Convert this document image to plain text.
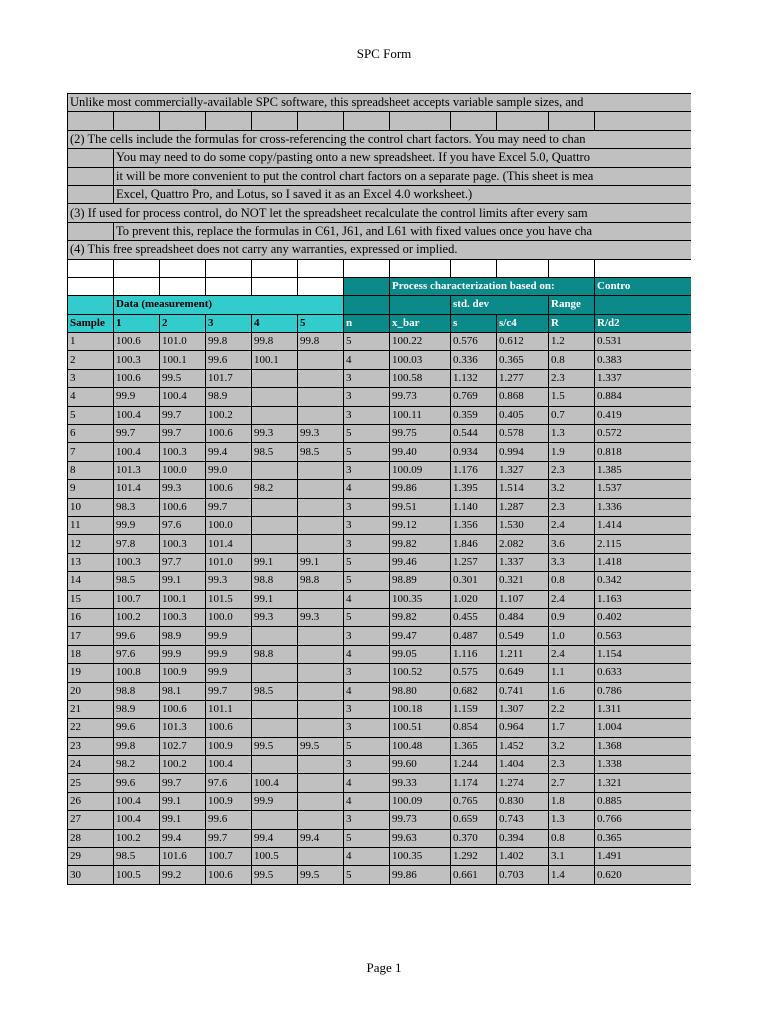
SPC Form
Unlike most commercially-available SPC software, this spreadsheet accepts variable sample sizes, and												

(2) The cells include the formulas for cross-referencing the control chart factors. You may need to chan												
	You may need to do some copy/pasting onto a new spreadsheet. If you have Excel 5.0, Quattro											
	it will be more convenient to put the control chart factors on a separate page. (This sheet is mea											
	Excel, Quattro Pro, and Lotus, so I saved it as an Excel 4.0 worksheet.)											
(3) If used for process control, do NOT let the spreadsheet recalculate the control limits after every sam												
	To prevent this, replace the formulas in C61, J61, and L61 with fixed values once you have cha											
(4) This free spreadsheet does not carry any warranties, expressed or implied.												

							Process characterization based on:				Contro	
	Data (measurement)							std. dev		Range		
Sample	1	2	3	4	5	n	x_bar	s	s/c4	R	R/d2	
1	100.6	101.0	99.8	99.8	99.8	5	100.22	0.576	0.612	1.2	0.531	
2	100.3	100.1	99.6	100.1		4	100.03	0.336	0.365	0.8	0.383	
3	100.6	99.5	101.7			3	100.58	1.132	1.277	2.3	1.337	
4	99.9	100.4	98.9			3	99.73	0.769	0.868	1.5	0.884	
5	100.4	99.7	100.2			3	100.11	0.359	0.405	0.7	0.419	
6	99.7	99.7	100.6	99.3	99.3	5	99.75	0.544	0.578	1.3	0.572	
7	100.4	100.3	99.4	98.5	98.5	5	99.40	0.934	0.994	1.9	0.818	
8	101.3	100.0	99.0			3	100.09	1.176	1.327	2.3	1.385	
9	101.4	99.3	100.6	98.2		4	99.86	1.395	1.514	3.2	1.537	
10	98.3	100.6	99.7			3	99.51	1.140	1.287	2.3	1.336	
11	99.9	97.6	100.0			3	99.12	1.356	1.530	2.4	1.414	
12	97.8	100.3	101.4			3	99.82	1.846	2.082	3.6	2.115	
13	100.3	97.7	101.0	99.1	99.1	5	99.46	1.257	1.337	3.3	1.418	
14	98.5	99.1	99.3	98.8	98.8	5	98.89	0.301	0.321	0.8	0.342	
15	100.7	100.1	101.5	99.1		4	100.35	1.020	1.107	2.4	1.163	
16	100.2	100.3	100.0	99.3	99.3	5	99.82	0.455	0.484	0.9	0.402	
17	99.6	98.9	99.9			3	99.47	0.487	0.549	1.0	0.563	
18	97.6	99.9	99.9	98.8		4	99.05	1.116	1.211	2.4	1.154	
19	100.8	100.9	99.9			3	100.52	0.575	0.649	1.1	0.633	
20	98.8	98.1	99.7	98.5		4	98.80	0.682	0.741	1.6	0.786	
21	98.9	100.6	101.1			3	100.18	1.159	1.307	2.2	1.311	
22	99.6	101.3	100.6			3	100.51	0.854	0.964	1.7	1.004	
23	99.8	102.7	100.9	99.5	99.5	5	100.48	1.365	1.452	3.2	1.368	
24	98.2	100.2	100.4			3	99.60	1.244	1.404	2.3	1.338	
25	99.6	99.7	97.6	100.4		4	99.33	1.174	1.274	2.7	1.321	
26	100.4	99.1	100.9	99.9		4	100.09	0.765	0.830	1.8	0.885	
27	100.4	99.1	99.6			3	99.73	0.659	0.743	1.3	0.766	
28	100.2	99.4	99.7	99.4	99.4	5	99.63	0.370	0.394	0.8	0.365	
29	98.5	101.6	100.7	100.5		4	100.35	1.292	1.402	3.1	1.491	
30	100.5	99.2	100.6	99.5	99.5	5	99.86	0.661	0.703	1.4	0.620	
Page 1
